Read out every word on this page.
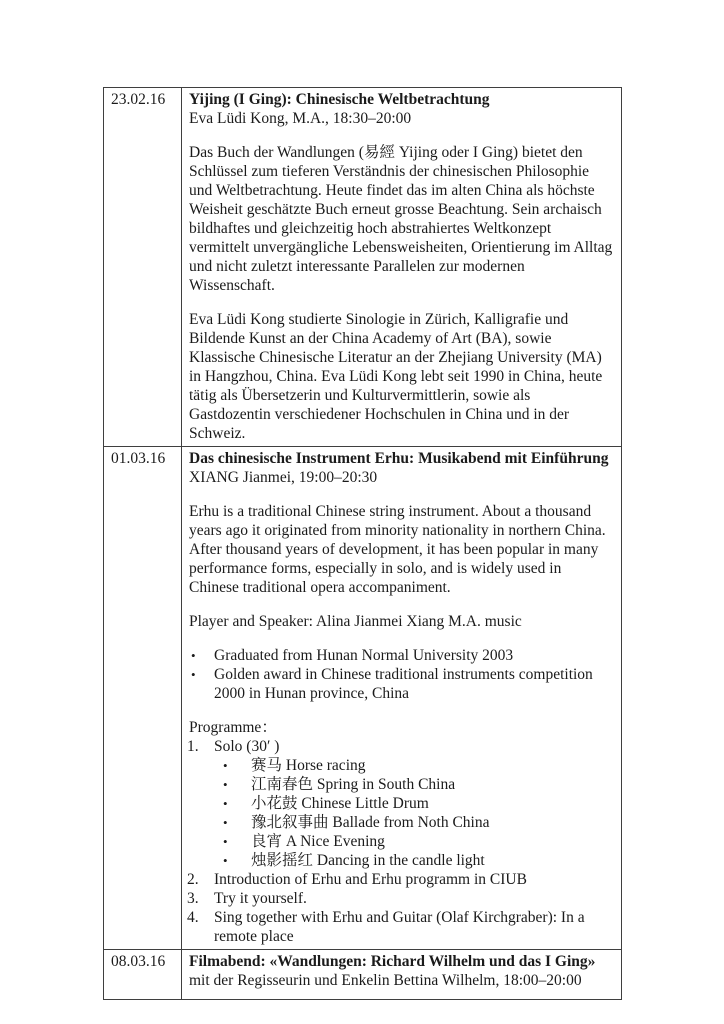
23.02.16	Yijing (I Ging): Chinesische Weltbetrachtung

Eva Lüdi Kong, M.A., 18:30–20:00

Das Buch der Wandlungen (易經 Yijing oder I Ging) bietet den Schlüssel zum tieferen Verständnis der chinesischen Philosophie und Weltbetrachtung. Heute findet das im alten China als höchste Weisheit geschätzte Buch erneut grosse Beachtung. Sein archaisch bildhaftes und gleichzeitig hoch abstrahiertes Weltkonzept vermittelt unvergängliche Lebensweisheiten, Orientierung im Alltag und nicht zuletzt interessante Parallelen zur modernen Wissenschaft.

Eva Lüdi Kong studierte Sinologie in Zürich, Kalligrafie und Bildende Kunst an der China Academy of Art (BA), sowie Klassische Chinesische Literatur an der Zhejiang University (MA) in Hangzhou, China. Eva Lüdi Kong lebt seit 1990 in China, heute tätig als Übersetzerin und Kulturvermittlerin, sowie als Gastdozentin verschiedener Hochschulen in China und in der Schweiz.

01.03.16	Das chinesische Instrument Erhu: Musikabend mit Einführung

XIANG Jianmei, 19:00–20:30

Erhu is a traditional Chinese string instrument. About a thousand years ago it originated from minority nationality in northern China. After thousand years of development, it has been popular in many performance forms, especially in solo, and is widely used in Chinese traditional opera accompaniment.

Player and Speaker: Alina Jianmei Xiang M.A. music

•	Graduated from Hunan Normal University 2003
•	Golden award in Chinese traditional instruments competition 2000 in Hunan province, China

Programme：

1. Solo (30′ )
•	赛马 Horse racing
•	江南春色 Spring in South China
•	小花鼓 Chinese Little Drum
•	豫北叙事曲 Ballade from Noth China
•	良宵 A Nice Evening
•	烛影摇红 Dancing in the candle light
2. Introduction of Erhu and Erhu programm in CIUB
3. Try it yourself.
4. Sing together with Erhu and Guitar (Olaf Kirchgraber): In a remote place

08.03.16	Filmabend: «Wandlungen: Richard Wilhelm und das I Ging»

mit der Regisseurin und Enkelin Bettina Wilhelm, 18:00–20:00
